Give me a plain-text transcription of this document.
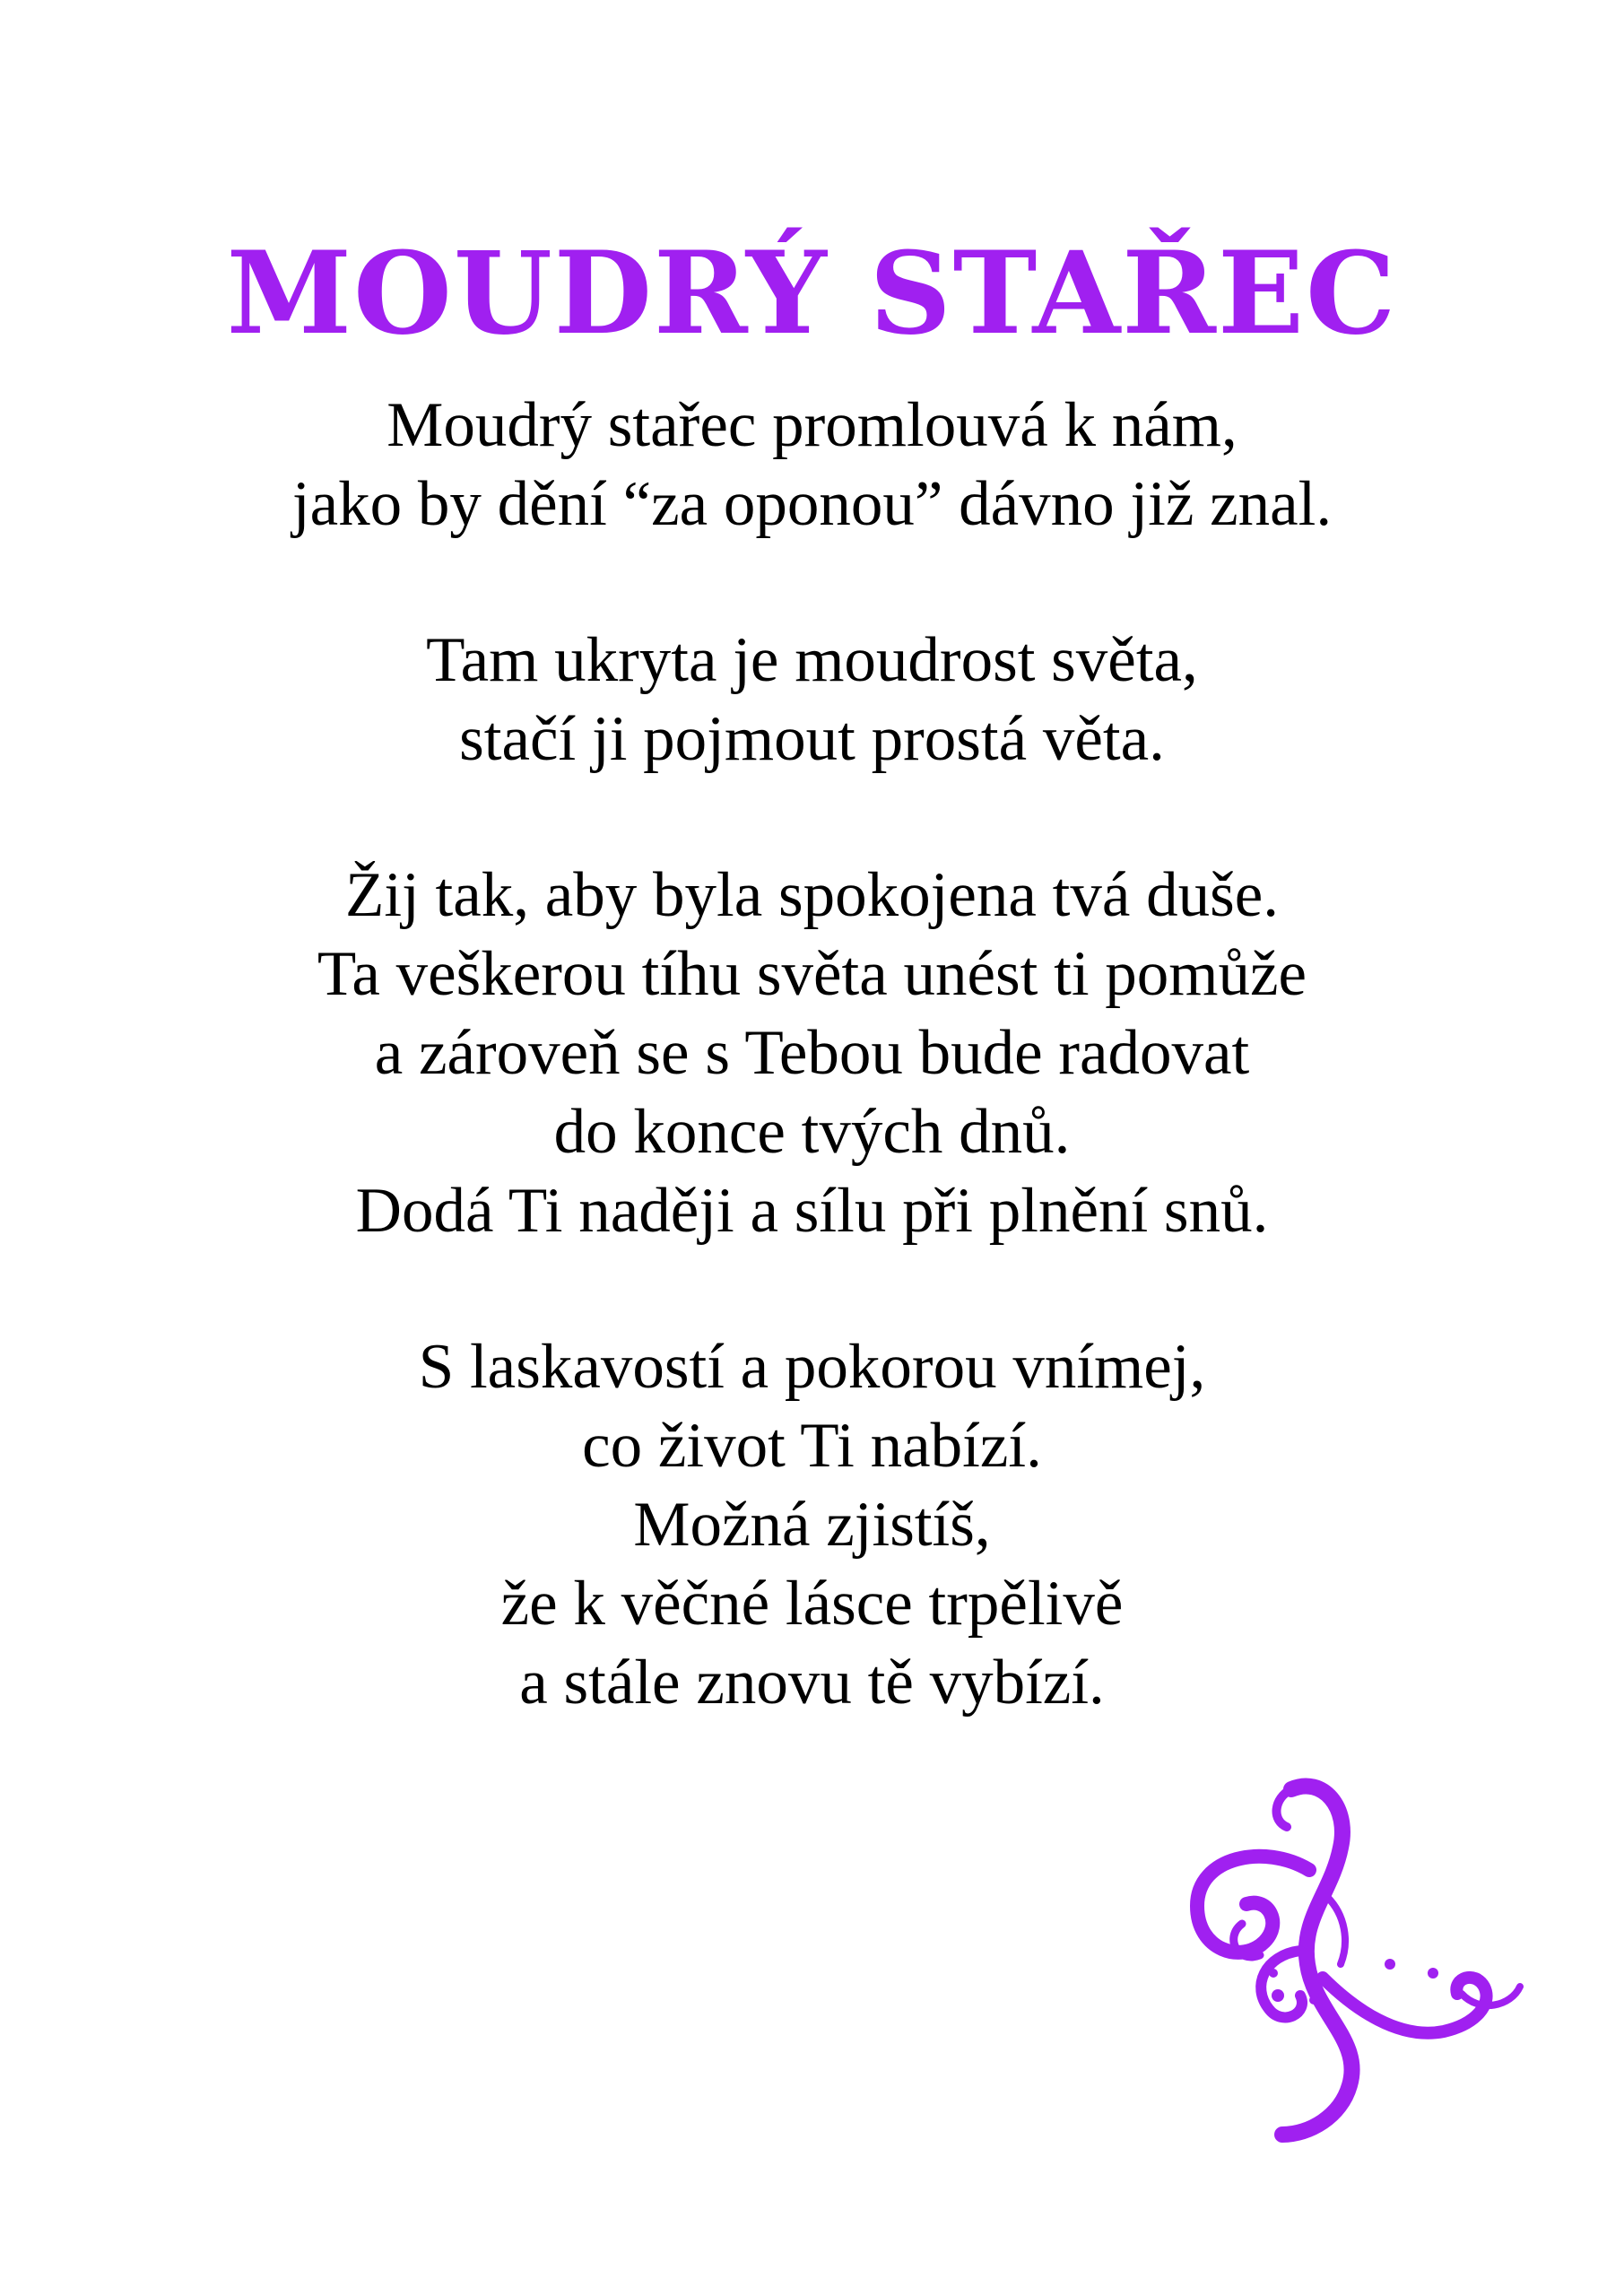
MOUDRÝ STAŘEC
Moudrý stařec promlouvá k nám,
jako by dění “za oponou” dávno již znal.
Tam ukryta je moudrost světa,
stačí ji pojmout prostá věta.
Žij tak, aby byla spokojena tvá duše.
Ta veškerou tíhu světa unést ti pomůže
a zároveň se s Tebou bude radovat
do konce tvých dnů.
Dodá Ti naději a sílu při plnění snů.
S laskavostí a pokorou vnímej,
co život Ti nabízí.
Možná zjistíš,
že k věčné lásce trpělivě
a stále znovu tě vybízí.
